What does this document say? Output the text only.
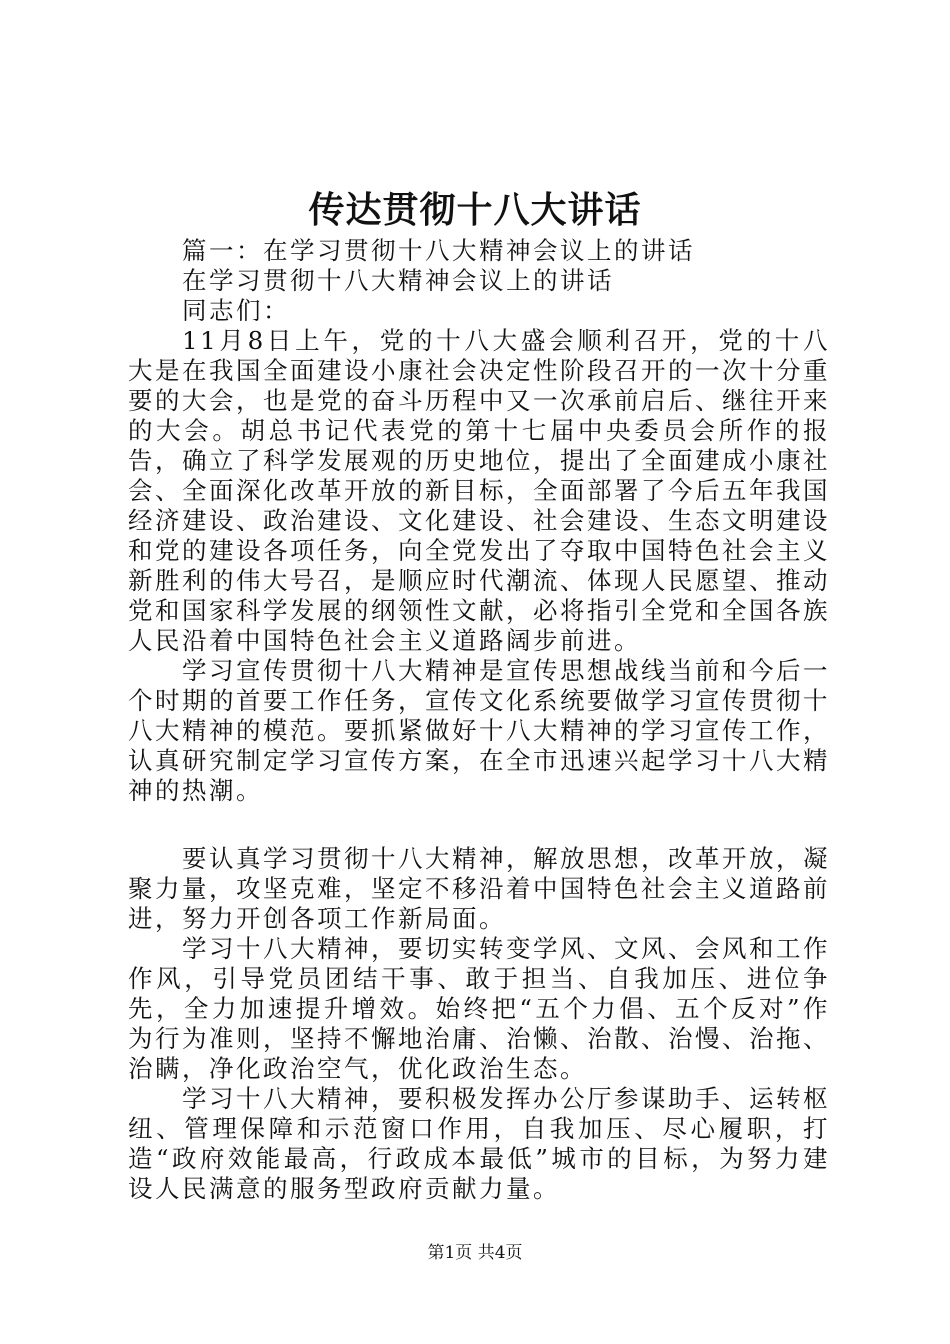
传达贯彻十八大讲话

篇一：在学习贯彻十八大精神会议上的讲话

在学习贯彻十八大精神会议上的讲话

同志们：

11月8日上午，党的十八大盛会顺利召开，党的十八大是在我国全面建设小康社会决定性阶段召开的一次十分重要的大会，也是党的奋斗历程中又一次承前启后、继往开来的大会。胡总书记代表党的第十七届中央委员会所作的报告，确立了科学发展观的历史地位，提出了全面建成小康社会、全面深化改革开放的新目标，全面部署了今后五年我国经济建设、政治建设、文化建设、社会建设、生态文明建设和党的建设各项任务，向全党发出了夺取中国特色社会主义新胜利的伟大号召，是顺应时代潮流、体现人民愿望、推动党和国家科学发展的纲领性文献，必将指引全党和全国各族人民沿着中国特色社会主义道路阔步前进。

学习宣传贯彻十八大精神是宣传思想战线当前和今后一个时期的首要工作任务，宣传文化系统要做学习宣传贯彻十八大精神的模范。要抓紧做好十八大精神的学习宣传工作，认真研究制定学习宣传方案，在全市迅速兴起学习十八大精神的热潮。

要认真学习贯彻十八大精神，解放思想，改革开放，凝聚力量，攻坚克难，坚定不移沿着中国特色社会主义道路前进，努力开创各项工作新局面。

学习十八大精神，要切实转变学风、文风、会风和工作作风，引导党员团结干事、敢于担当、自我加压、进位争先，全力加速提升增效。始终把“五个力倡、五个反对”作为行为准则，坚持不懈地治庸、治懒、治散、治慢、治拖、治瞒，净化政治空气，优化政治生态。

学习十八大精神，要积极发挥办公厅参谋助手、运转枢纽、管理保障和示范窗口作用，自我加压、尽心履职，打造“政府效能最高，行政成本最低”城市的目标，为努力建设人民满意的服务型政府贡献力量。

第1页 共4页
